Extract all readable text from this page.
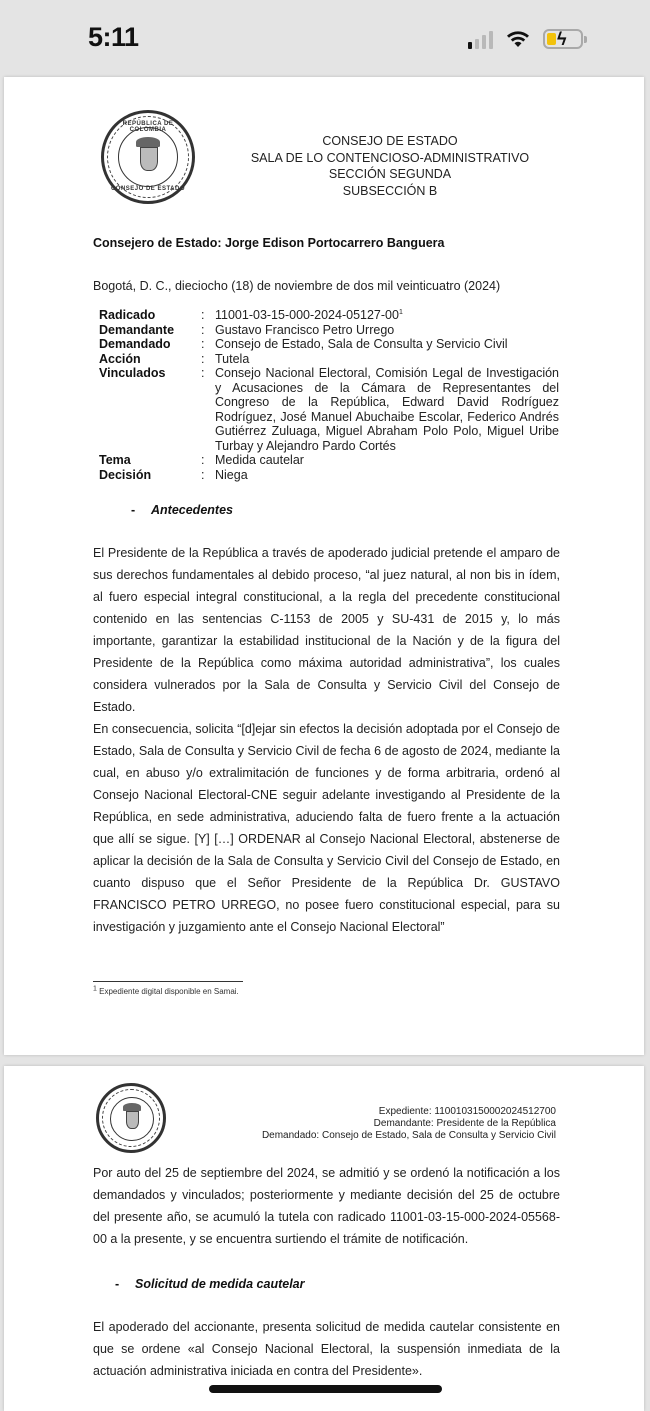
5:11	ϟ
REPÚBLICA DE COLOMBIA
CONSEJO DE ESTADO
CONSEJO DE ESTADO
SALA DE LO CONTENCIOSO-ADMINISTRATIVO
SECCIÓN SEGUNDA
SUBSECCIÓN B
Consejero de Estado: Jorge Edison Portocarrero Banguera
Bogotá, D. C., dieciocho (18) de noviembre de dos mil veinticuatro (2024)
Radicado	: $11001-03-15-000-2024-05127-00^1$
Demandante	: Gustavo Francisco Petro Urrego
Demandado	: Consejo de Estado, Sala de Consulta y Servicio Civil
Acción	: Tutela
Vinculados	: Consejo Nacional Electoral, Comisión Legal de Investigación y Acusaciones de la Cámara de Representantes del Congreso de la República, Edward David Rodríguez Rodríguez, José Manuel Abuchaibe Escolar, Federico Andrés Gutiérrez Zuluaga, Miguel Abraham Polo Polo, Miguel Uribe Turbay y Alejandro Pardo Cortés
Tema	: Medida cautelar
Decisión	: Niega
- Antecedentes
El Presidente de la República a través de apoderado judicial pretende el amparo de sus derechos fundamentales al debido proceso, “al juez natural, al non bis in ídem, al fuero especial integral constitucional, a la regla del precedente constitucional contenido en las sentencias C-1153 de 2005 y SU-431 de 2015 y, lo más importante, garantizar la estabilidad institucional de la Nación y de la figura del Presidente de la República como máxima autoridad administrativa”, los cuales considera vulnerados por la Sala de Consulta y Servicio Civil del Consejo de Estado.
En consecuencia, solicita “[d]ejar sin efectos la decisión adoptada por el Consejo de Estado, Sala de Consulta y Servicio Civil de fecha 6 de agosto de 2024, mediante la cual, en abuso y/o extralimitación de funciones y de forma arbitraria, ordenó al Consejo Nacional Electoral-CNE seguir adelante investigando al Presidente de la República, en sede administrativa, aduciendo falta de fuero frente a la actuación que allí se sigue. [Y] […] ORDENAR al Consejo Nacional Electoral, abstenerse de aplicar la decisión de la Sala de Consulta y Servicio Civil del Consejo de Estado, en cuanto dispuso que el Señor Presidente de la República Dr. GUSTAVO FRANCISCO PETRO URREGO, no posee fuero constitucional especial, para su investigación y juzgamiento ante el Consejo Nacional Electoral”
$^1$ Expediente digital disponible en Samai.
Expediente: 11001031500020245127​00
Demandante: Presidente de la República
Demandado: Consejo de Estado, Sala de Consulta y Servicio Civil
Por auto del 25 de septiembre del 2024, se admitió y se ordenó la notificación a los demandados y vinculados; posteriormente y mediante decisión del 25 de octubre del presente año, se acumuló la tutela con radicado 11001-03-15-000-2024-05568-00 a la presente, y se encuentra surtiendo el trámite de notificación.
- Solicitud de medida cautelar
El apoderado del accionante, presenta solicitud de medida cautelar consistente en que se ordene «al Consejo Nacional Electoral, la suspensión inmediata de la actuación administrativa iniciada en contra del Presidente».
